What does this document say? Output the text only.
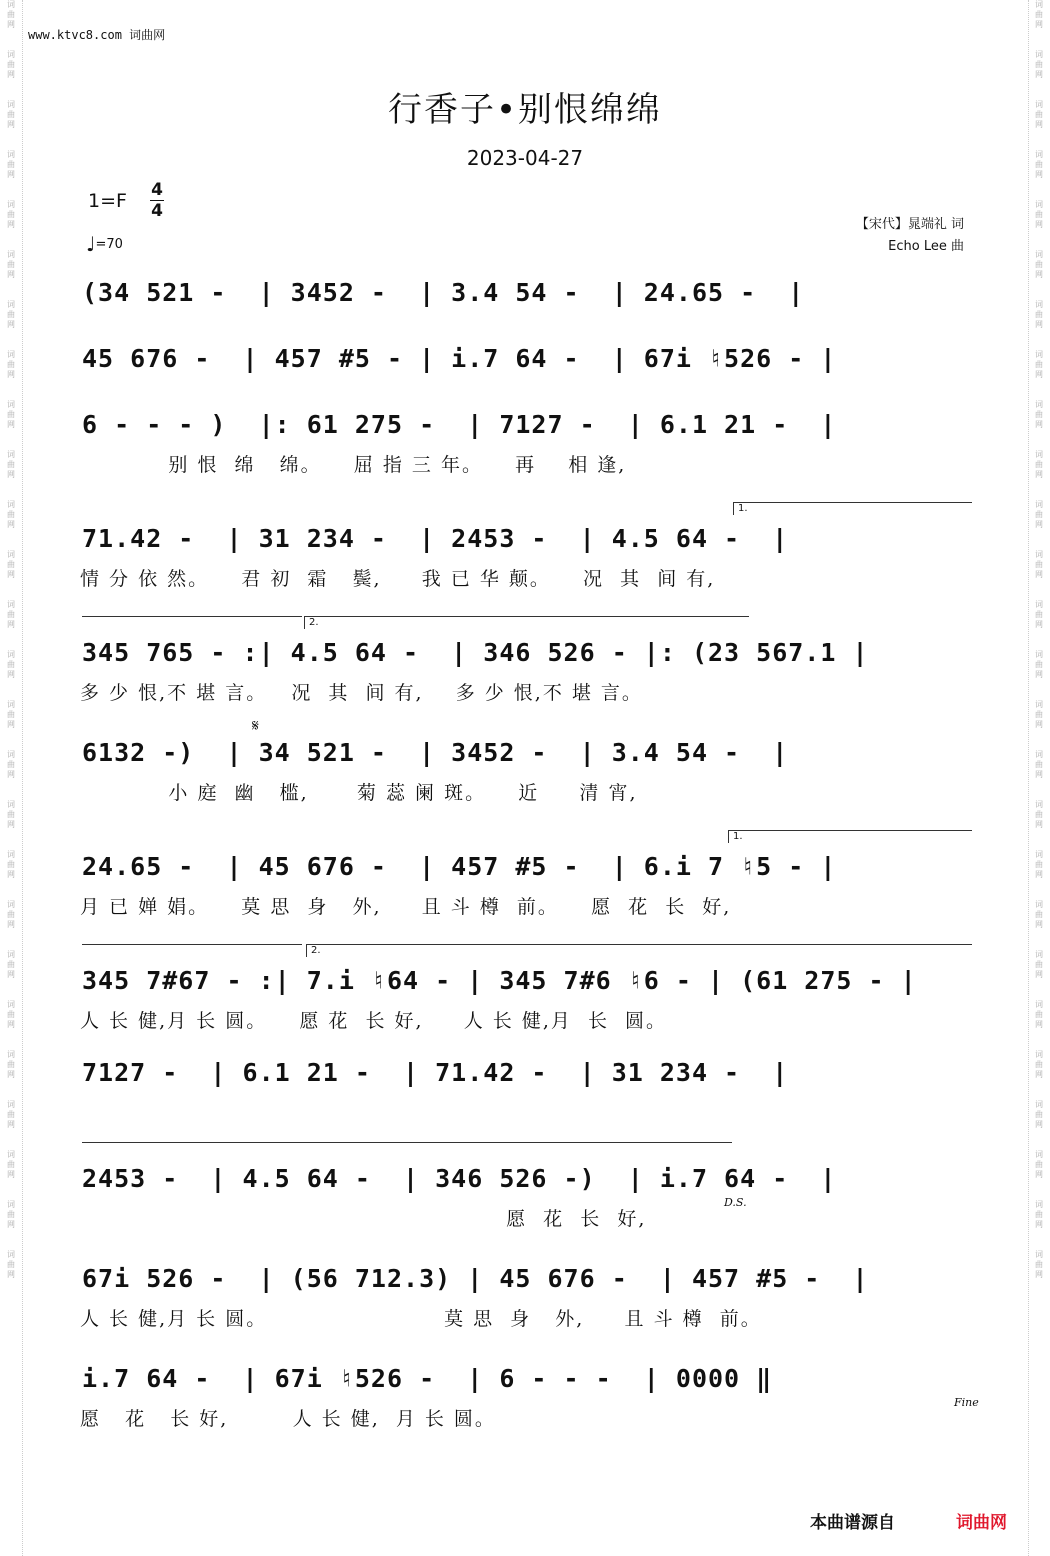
词
曲
网

词
曲
网

词
曲
网

词
曲
网

词
曲
网

词
曲
网

词
曲
网

词
曲
网

词
曲
网

词
曲
网

词
曲
网

词
曲
网

词
曲
网

词
曲
网

词
曲
网

词
曲
网

词
曲
网

词
曲
网

词
曲
网

词
曲
网

词
曲
网

词
曲
网

词
曲
网

词
曲
网

词
曲
网

词
曲
网

词
曲
网

词
曲
网

词
曲
网

词
曲
网

词
曲
网

词
曲
网

词
曲
网

词
曲
网

词
曲
网

词
曲
网

词
曲
网

词
曲
网

词
曲
网

词
曲
网

词
曲
网

词
曲
网

词
曲
网

词
曲
网

词
曲
网

词
曲
网

词
曲
网

词
曲
网

词
曲
网

词
曲
网

词
曲
网

词
曲
网

www.ktvc8.com 词曲网
行香子•别恨绵绵
2023-04-27
1=F 4
4
♩=70
【宋代】晁端礼 词
Echo Lee 曲
(34 521 -  | 3452 -  | 3.4 54 -  | 24.65 -  |
45 676 -  | 457 #5 - | i.7 64 -  | 67i ♮526 - |
6 - - - )  |: 61 275 -  | 7127 -  | 6.1 21 -  |
别 恨  绵   绵。    屈 指 三 年。    再    相 逢,
1.
71.42 -  | 31 234 -  | 2453 -  | 4.5 64 -  |
情 分 依 然。    君 初  霜   鬓,     我 已 华 颠。    况  其  间 有,
2.
345 765 - :| 4.5 64 -  | 346 526 - |: (23 567.1 |
多 少 恨,不 堪 言。   况  其  间 有,    多 少 恨,不 堪 言。
𝄋
6132 -)  | 34 521 -  | 3452 -  | 3.4 54 -  |
小 庭  幽   槛,      菊 蕊 阑 斑。    近     清 宵,
1.
24.65 -  | 45 676 -  | 457 #5 -  | 6.i 7 ♮5 - |
月 已 婵 娟。    莫 思  身   外,     且 斗 樽  前。    愿  花  长  好,
2.
345 7#67 - :| 7.i ♮64 - | 345 7#6 ♮6 - | (61 275 - |
人 长 健,月 长 圆。    愿 花  长 好,     人 长 健,月  长  圆。
7127 -  | 6.1 21 -  | 71.42 -  | 31 234 -  |
2453 -  | 4.5 64 -  | 346 526 -)  | i.7 64 -  |
D.S.
愿  花  长  好,
67i 526 -  | (56 712.3) | 45 676 -  | 457 #5 -  |
人 长 健,月 长 圆。                      莫 思  身   外,     且 斗 樽  前。
i.7 64 -  | 67i ♮526 -  | 6 - - -  | 0000 ‖
Fine
愿   花   长 好,        人 长 健,  月 长 圆。
本曲谱源自	词曲网
